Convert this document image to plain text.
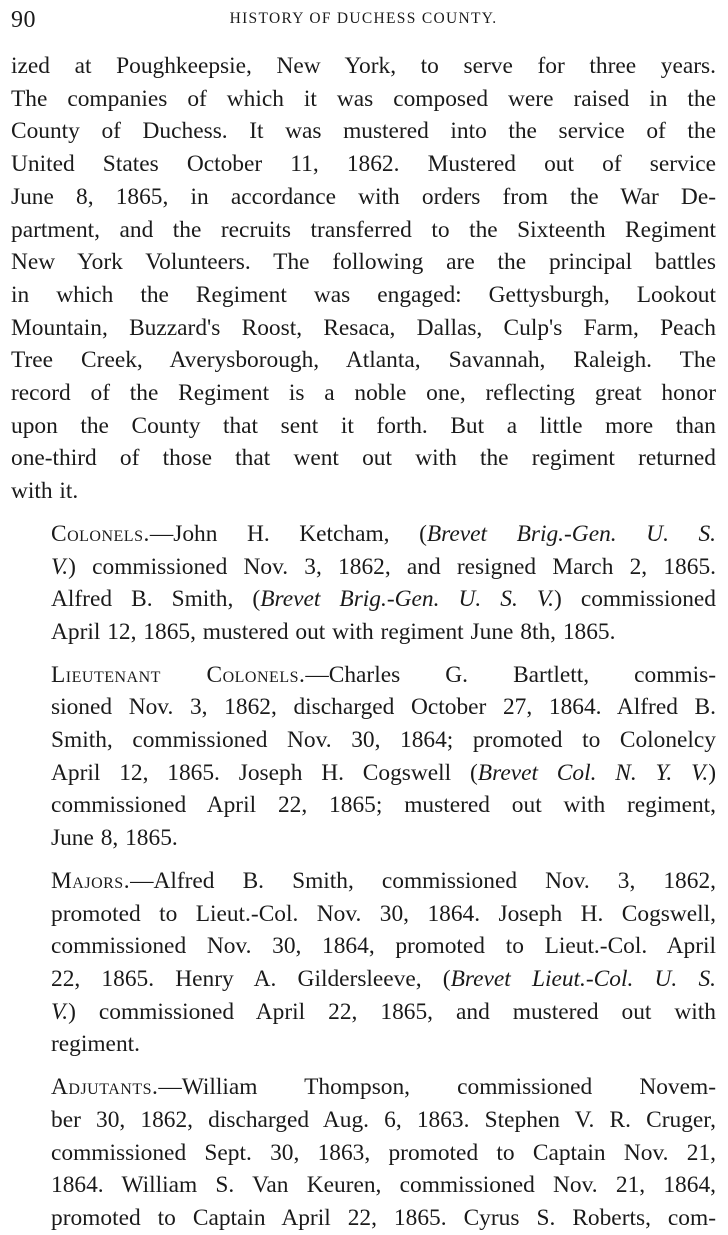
90	HISTORY OF DUCHESS COUNTY.

ized at Poughkeepsie, New York, to serve for three years.
The companies of which it was composed were raised in the
County of Duchess. It was mustered into the service of the
United States October 11, 1862. Mustered out of service
June 8, 1865, in accordance with orders from the War De-
partment, and the recruits transferred to the Sixteenth Regiment
New York Volunteers. The following are the principal battles
in which the Regiment was engaged: Gettysburgh, Lookout
Mountain, Buzzard's Roost, Resaca, Dallas, Culp's Farm, Peach
Tree Creek, Averysborough, Atlanta, Savannah, Raleigh. The
record of the Regiment is a noble one, reflecting great honor
upon the County that sent it forth. But a little more than
one-third of those that went out with the regiment returned
with it.

Colonels.—John H. Ketcham, (Brevet Brig.-Gen. U. S.
V.) commissioned Nov. 3, 1862, and resigned March 2, 1865.
Alfred B. Smith, (Brevet Brig.-Gen. U. S. V.) commissioned
April 12, 1865, mustered out with regiment June 8th, 1865.

Lieutenant Colonels.—Charles G. Bartlett, commis-
sioned Nov. 3, 1862, discharged October 27, 1864. Alfred B.
Smith, commissioned Nov. 30, 1864; promoted to Colonelcy
April 12, 1865. Joseph H. Cogswell (Brevet Col. N. Y. V.)
commissioned April 22, 1865; mustered out with regiment,
June 8, 1865.

Majors.—Alfred B. Smith, commissioned Nov. 3, 1862,
promoted to Lieut.-Col. Nov. 30, 1864. Joseph H. Cogswell,
commissioned Nov. 30, 1864, promoted to Lieut.-Col. April
22, 1865. Henry A. Gildersleeve, (Brevet Lieut.-Col. U. S.
V.) commissioned April 22, 1865, and mustered out with
regiment.

Adjutants.—William Thompson, commissioned Novem-
ber 30, 1862, discharged Aug. 6, 1863. Stephen V. R. Cruger,
commissioned Sept. 30, 1863, promoted to Captain Nov. 21,
1864. William S. Van Keuren, commissioned Nov. 21, 1864,
promoted to Captain April 22, 1865. Cyrus S. Roberts, com-
